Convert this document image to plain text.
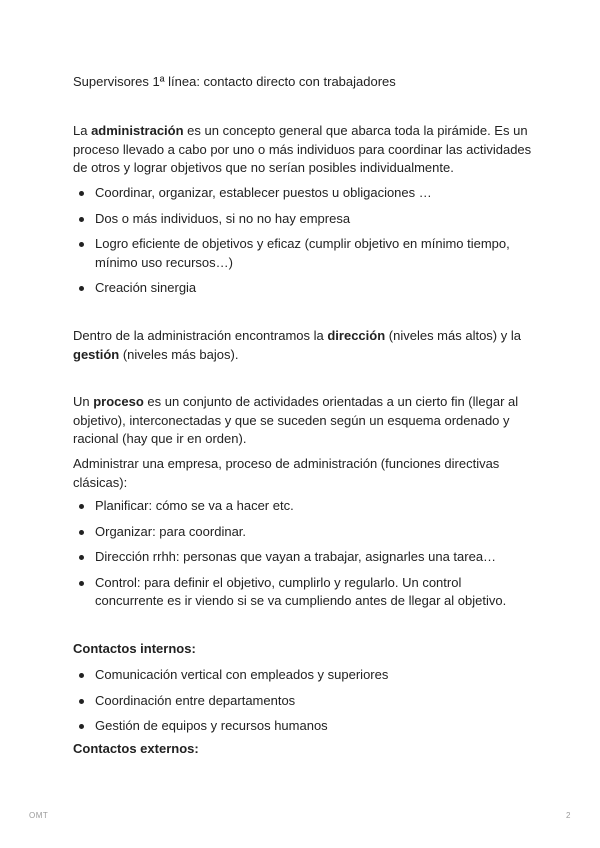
Supervisores 1ª línea: contacto directo con trabajadores

La administración es un concepto general que abarca toda la pirámide. Es un proceso llevado a cabo por uno o más individuos para coordinar las actividades de otros y lograr objetivos que no serían posibles individualmente.

Coordinar, organizar, establecer puestos u obligaciones …
Dos o más individuos, si no no hay empresa
Logro eficiente de objetivos y eficaz (cumplir objetivo en mínimo tiempo, mínimo uso recursos…)
Creación sinergia

Dentro de la administración encontramos la dirección (niveles más altos) y la gestión (niveles más bajos).

Un proceso es un conjunto de actividades orientadas a un cierto fin (llegar al objetivo), interconectadas y que se suceden según un esquema ordenado y racional (hay que ir en orden).

Administrar una empresa, proceso de administración (funciones directivas clásicas):

Planificar: cómo se va a hacer etc.
Organizar: para coordinar.
Dirección rrhh: personas que vayan a trabajar, asignarles una tarea…
Control: para definir el objetivo, cumplirlo y regularlo. Un control concurrente es ir viendo si se va cumpliendo antes de llegar al objetivo.
Contactos internos:
Comunicación vertical con empleados y superiores
Coordinación entre departamentos
Gestión de equipos y recursos humanos
Contactos externos:
OMT	2
